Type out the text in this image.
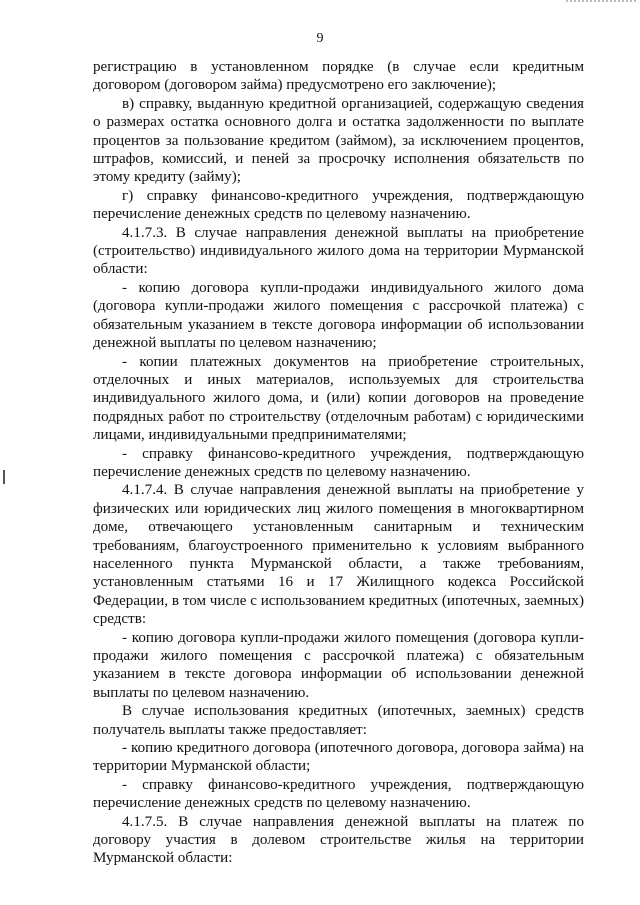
9

регистрацию в установленном порядке (в случае если кредитным договором (договором займа) предусмотрено его заключение);

в) справку, выданную кредитной организацией, содержащую сведения о размерах остатка основного долга и остатка задолженности по выплате процентов за пользование кредитом (займом), за исключением процентов, штрафов, комиссий, и пеней за просрочку исполнения обязательств по этому кредиту (займу);

г) справку финансово-кредитного учреждения, подтверждающую перечисление денежных средств по целевому назначению.

4.1.7.3. В случае направления денежной выплаты на приобретение (строительство) индивидуального жилого дома на территории Мурманской области:

- копию договора купли-продажи индивидуального жилого дома (договора купли-продажи жилого помещения с рассрочкой платежа) с обязательным указанием в тексте договора информации об использовании денежной выплаты по целевом назначению;

- копии платежных документов на приобретение строительных, отделочных и иных материалов, используемых для строительства индивидуального жилого дома, и (или) копии договоров на проведение подрядных работ по строительству (отделочным работам) с юридическими лицами, индивидуальными предпринимателями;

- справку финансово-кредитного учреждения, подтверждающую перечисление денежных средств по целевому назначению.

4.1.7.4. В случае направления денежной выплаты на приобретение у физических или юридических лиц жилого помещения в многоквартирном доме, отвечающего установленным санитарным и техническим требованиям, благоустроенного применительно к условиям выбранного населенного пункта Мурманской области, а также требованиям, установленным статьями 16 и 17 Жилищного кодекса Российской Федерации, в том числе с использованием кредитных (ипотечных, заемных) средств:

- копию договора купли-продажи жилого помещения (договора купли-продажи жилого помещения с рассрочкой платежа) с обязательным указанием в тексте договора информации об использовании денежной выплаты по целевом назначению.

В случае использования кредитных (ипотечных, заемных) средств получатель выплаты также предоставляет:

- копию кредитного договора (ипотечного договора, договора займа) на территории Мурманской области;

- справку финансово-кредитного учреждения, подтверждающую перечисление денежных средств по целевому назначению.

4.1.7.5. В случае направления денежной выплаты на платеж по договору участия в долевом строительстве жилья на территории Мурманской области:
